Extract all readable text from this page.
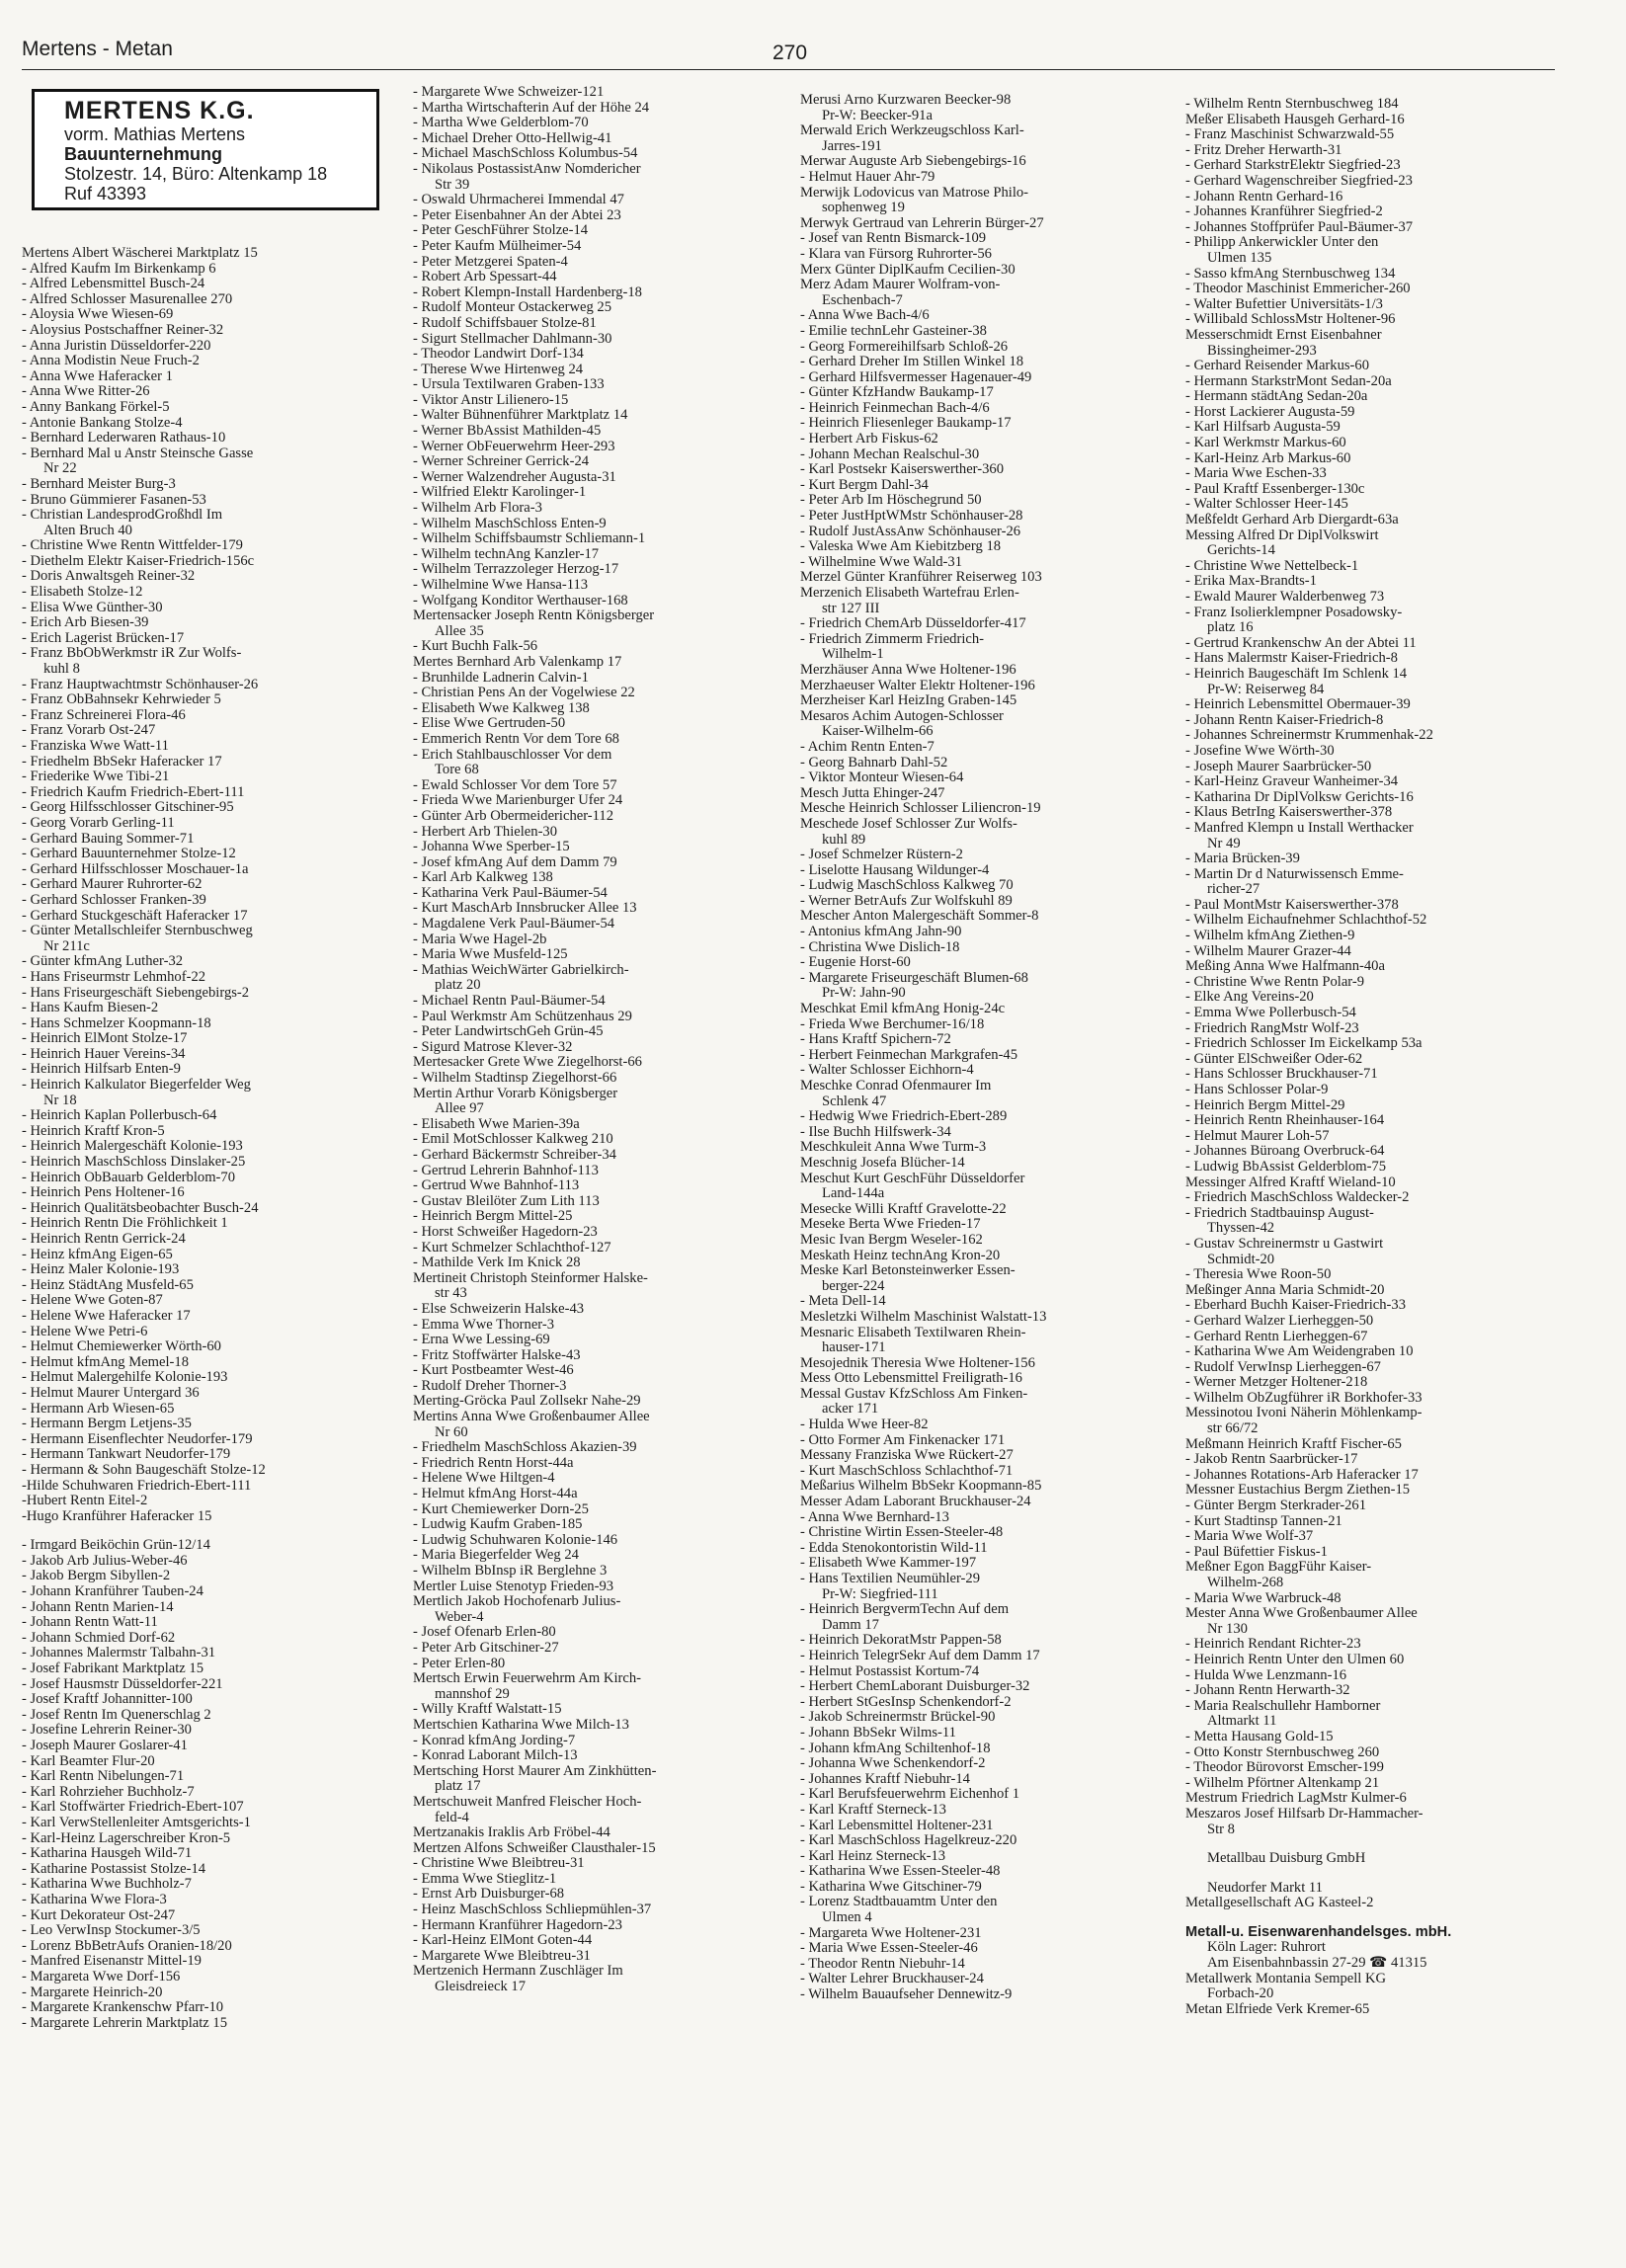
Mertens - Metan	270
MERTENS K.G.
vorm. Mathias Mertens
Bauunternehmung
Stolzestr. 14, Büro: Altenkamp 18
Ruf 43393
Mertens Albert Wäscherei Marktplatz 15
- Alfred Kaufm Im Birkenkamp 6
- Alfred Lebensmittel Busch-24
- Alfred Schlosser Masurenallee 270
- Aloysia Wwe Wiesen-69
- Aloysius Postschaffner Reiner-32
- Anna Juristin Düsseldorfer-220
- Anna Modistin Neue Fruch-2
- Anna Wwe Haferacker 1
- Anna Wwe Ritter-26
- Anny Bankang Förkel-5
- Antonie Bankang Stolze-4
- Bernhard Lederwaren Rathaus-10
- Bernhard Mal u Anstr Steinsche Gasse
Nr 22
- Bernhard Meister Burg-3
- Bruno Gümmierer Fasanen-53
- Christian LandesprodGroßhdl Im
Alten Bruch 40
- Christine Wwe Rentn Wittfelder-179
- Diethelm Elektr Kaiser-Friedrich-156c
- Doris Anwaltsgeh Reiner-32
- Elisabeth Stolze-12
- Elisa Wwe Günther-30
- Erich Arb Biesen-39
- Erich Lagerist Brücken-17
- Franz BbObWerkmstr iR Zur Wolfs-
kuhl 8
- Franz Hauptwachtmstr Schönhauser-26
- Franz ObBahnsekr Kehrwieder 5
- Franz Schreinerei Flora-46
- Franz Vorarb Ost-247
- Franziska Wwe Watt-11
- Friedhelm BbSekr Haferacker 17
- Friederike Wwe Tibi-21
- Friedrich Kaufm Friedrich-Ebert-111
- Georg Hilfsschlosser Gitschiner-95
- Georg Vorarb Gerling-11
- Gerhard Bauing Sommer-71
- Gerhard Bauunternehmer Stolze-12
- Gerhard Hilfsschlosser Moschauer-1a
- Gerhard Maurer Ruhrorter-62
- Gerhard Schlosser Franken-39
- Gerhard Stuckgeschäft Haferacker 17
- Günter Metallschleifer Sternbuschweg
Nr 211c
- Günter kfmAng Luther-32
- Hans Friseurmstr Lehmhof-22
- Hans Friseurgeschäft Siebengebirgs-2
- Hans Kaufm Biesen-2
- Hans Schmelzer Koopmann-18
- Heinrich ElMont Stolze-17
- Heinrich Hauer Vereins-34
- Heinrich Hilfsarb Enten-9
- Heinrich Kalkulator Biegerfelder Weg
Nr 18
- Heinrich Kaplan Pollerbusch-64
- Heinrich Kraftf Kron-5
- Heinrich Malergeschäft Kolonie-193
- Heinrich MaschSchloss Dinslaker-25
- Heinrich ObBauarb Gelderblom-70
- Heinrich Pens Holtener-16
- Heinrich Qualitätsbeobachter Busch-24
- Heinrich Rentn Die Fröhlichkeit 1
- Heinrich Rentn Gerrick-24
- Heinz kfmAng Eigen-65
- Heinz Maler Kolonie-193
- Heinz StädtAng Musfeld-65
- Helene Wwe Goten-87
- Helene Wwe Haferacker 17
- Helene Wwe Petri-6
- Helmut Chemiewerker Wörth-60
- Helmut kfmAng Memel-18
- Helmut Malergehilfe Kolonie-193
- Helmut Maurer Untergard 36
- Hermann Arb Wiesen-65
- Hermann Bergm Letjens-35
- Hermann Eisenflechter Neudorfer-179
- Hermann Tankwart Neudorfer-179
- Hermann & Sohn Baugeschäft Stolze-12
-Hilde Schuhwaren Friedrich-Ebert-111
-Hubert Rentn Eitel-2
-Hugo Kranführer Haferacker 15
- Irmgard Beiköchin Grün-12/14
- Jakob Arb Julius-Weber-46
- Jakob Bergm Sibyllen-2
- Johann Kranführer Tauben-24
- Johann Rentn Marien-14
- Johann Rentn Watt-11
- Johann Schmied Dorf-62
- Johannes Malermstr Talbahn-31
- Josef Fabrikant Marktplatz 15
- Josef Hausmstr Düsseldorfer-221
- Josef Kraftf Johannitter-100
- Josef Rentn Im Quenerschlag 2
- Josefine Lehrerin Reiner-30
- Joseph Maurer Goslarer-41
- Karl Beamter Flur-20
- Karl Rentn Nibelungen-71
- Karl Rohrzieher Buchholz-7
- Karl Stoffwärter Friedrich-Ebert-107
- Karl VerwStellenleiter Amtsgerichts-1
- Karl-Heinz Lagerschreiber Kron-5
- Katharina Hausgeh Wild-71
- Katharine Postassist Stolze-14
- Katharina Wwe Buchholz-7
- Katharina Wwe Flora-3
- Kurt Dekorateur Ost-247
- Leo VerwInsp Stockumer-3/5
- Lorenz BbBetrAufs Oranien-18/20
- Manfred Eisenanstr Mittel-19
- Margareta Wwe Dorf-156
- Margarete Heinrich-20
- Margarete Krankenschw Pfarr-10
- Margarete Lehrerin Marktplatz 15
- Margarete Wwe Schweizer-121
- Martha Wirtschafterin Auf der Höhe 24
- Martha Wwe Gelderblom-70
- Michael Dreher Otto-Hellwig-41
- Michael MaschSchloss Kolumbus-54
- Nikolaus PostassistAnw Nomdericher
Str 39
- Oswald Uhrmacherei Immendal 47
- Peter Eisenbahner An der Abtei 23
- Peter GeschFührer Stolze-14
- Peter Kaufm Mülheimer-54
- Peter Metzgerei Spaten-4
- Robert Arb Spessart-44
- Robert Klempn-Install Hardenberg-18
- Rudolf Monteur Ostackerweg 25
- Rudolf Schiffsbauer Stolze-81
- Sigurt Stellmacher Dahlmann-30
- Theodor Landwirt Dorf-134
- Therese Wwe Hirtenweg 24
- Ursula Textilwaren Graben-133
- Viktor Anstr Lilienero-15
- Walter Bühnenführer Marktplatz 14
- Werner BbAssist Mathilden-45
- Werner ObFeuerwehrm Heer-293
- Werner Schreiner Gerrick-24
- Werner Walzendreher Augusta-31
- Wilfried Elektr Karolinger-1
- Wilhelm Arb Flora-3
- Wilhelm MaschSchloss Enten-9
- Wilhelm Schiffsbaumstr Schliemann-1
- Wilhelm technAng Kanzler-17
- Wilhelm Terrazzoleger Herzog-17
- Wilhelmine Wwe Hansa-113
- Wolfgang Konditor Werthauser-168
Mertensacker Joseph Rentn Königsberger
Allee 35
- Kurt Buchh Falk-56
Mertes Bernhard Arb Valenkamp 17
- Brunhilde Ladnerin Calvin-1
- Christian Pens An der Vogelwiese 22
- Elisabeth Wwe Kalkweg 138
- Elise Wwe Gertruden-50
- Emmerich Rentn Vor dem Tore 68
- Erich Stahlbauschlosser Vor dem
Tore 68
- Ewald Schlosser Vor dem Tore 57
- Frieda Wwe Marienburger Ufer 24
- Günter Arb Obermeidericher-112
- Herbert Arb Thielen-30
- Johanna Wwe Sperber-15
- Josef kfmAng Auf dem Damm 79
- Karl Arb Kalkweg 138
- Katharina Verk Paul-Bäumer-54
- Kurt MaschArb Innsbrucker Allee 13
- Magdalene Verk Paul-Bäumer-54
- Maria Wwe Hagel-2b
- Maria Wwe Musfeld-125
- Mathias WeichWärter Gabrielkirch-
platz 20
- Michael Rentn Paul-Bäumer-54
- Paul Werkmstr Am Schützenhaus 29
- Peter LandwirtschGeh Grün-45
- Sigurd Matrose Klever-32
Mertesacker Grete Wwe Ziegelhorst-66
- Wilhelm Stadtinsp Ziegelhorst-66
Mertin Arthur Vorarb Königsberger
Allee 97
- Elisabeth Wwe Marien-39a
- Emil MotSchlosser Kalkweg 210
- Gerhard Bäckermstr Schreiber-34
- Gertrud Lehrerin Bahnhof-113
- Gertrud Wwe Bahnhof-113
- Gustav Bleilöter Zum Lith 113
- Heinrich Bergm Mittel-25
- Horst Schweißer Hagedorn-23
- Kurt Schmelzer Schlachthof-127
- Mathilde Verk Im Knick 28
Mertineit Christoph Steinformer Halske-
str 43
- Else Schweizerin Halske-43
- Emma Wwe Thorner-3
- Erna Wwe Lessing-69
- Fritz Stoffwärter Halske-43
- Kurt Postbeamter West-46
- Rudolf Dreher Thorner-3
Merting-Gröcka Paul Zollsekr Nahe-29
Mertins Anna Wwe Großenbaumer Allee
Nr 60
- Friedhelm MaschSchloss Akazien-39
- Friedrich Rentn Horst-44a
- Helene Wwe Hiltgen-4
- Helmut kfmAng Horst-44a
- Kurt Chemiewerker Dorn-25
- Ludwig Kaufm Graben-185
- Ludwig Schuhwaren Kolonie-146
- Maria Biegerfelder Weg 24
- Wilhelm BbInsp iR Berglehne 3
Mertler Luise Stenotyp Frieden-93
Mertlich Jakob Hochofenarb Julius-
Weber-4
- Josef Ofenarb Erlen-80
- Peter Arb Gitschiner-27
- Peter Erlen-80
Mertsch Erwin Feuerwehrm Am Kirch-
mannshof 29
- Willy Kraftf Walstatt-15
Mertschien Katharina Wwe Milch-13
- Konrad kfmAng Jording-7
- Konrad Laborant Milch-13
Mertsching Horst Maurer Am Zinkhütten-
platz 17
Mertschuweit Manfred Fleischer Hoch-
feld-4
Mertzanakis Iraklis Arb Fröbel-44
Mertzen Alfons Schweißer Clausthaler-15
- Christine Wwe Bleibtreu-31
- Emma Wwe Stieglitz-1
- Ernst Arb Duisburger-68
- Heinz MaschSchloss Schliepmühlen-37
- Hermann Kranführer Hagedorn-23
- Karl-Heinz ElMont Goten-44
- Margarete Wwe Bleibtreu-31
Mertzenich Hermann Zuschläger Im
Gleisdreieck 17
Merusi Arno Kurzwaren Beecker-98
Pr-W: Beecker-91a
Merwald Erich Werkzeugschloss Karl-
Jarres-191
Merwar Auguste Arb Siebengebirgs-16
- Helmut Hauer Ahr-79
Merwijk Lodovicus van Matrose Philo-
sophenweg 19
Merwyk Gertraud van Lehrerin Bürger-27
- Josef van Rentn Bismarck-109
- Klara van Fürsorg Ruhrorter-56
Merx Günter DiplKaufm Cecilien-30
Merz Adam Maurer Wolfram-von-
Eschenbach-7
- Anna Wwe Bach-4/6
- Emilie technLehr Gasteiner-38
- Georg Formereihilfsarb Schloß-26
- Gerhard Dreher Im Stillen Winkel 18
- Gerhard Hilfsvermesser Hagenauer-49
- Günter KfzHandw Baukamp-17
- Heinrich Feinmechan Bach-4/6
- Heinrich Fliesenleger Baukamp-17
- Herbert Arb Fiskus-62
- Johann Mechan Realschul-30
- Karl Postsekr Kaiserswerther-360
- Kurt Bergm Dahl-34
- Peter Arb Im Höschegrund 50
- Peter JustHptWMstr Schönhauser-28
- Rudolf JustAssAnw Schönhauser-26
- Valeska Wwe Am Kiebitzberg 18
- Wilhelmine Wwe Wald-31
Merzel Günter Kranführer Reiserweg 103
Merzenich Elisabeth Wartefrau Erlen-
str 127 III
- Friedrich ChemArb Düsseldorfer-417
- Friedrich Zimmerm Friedrich-
Wilhelm-1
Merzhäuser Anna Wwe Holtener-196
Merzhaeuser Walter Elektr Holtener-196
Merzheiser Karl HeizIng Graben-145
Mesaros Achim Autogen-Schlosser
Kaiser-Wilhelm-66
- Achim Rentn Enten-7
- Georg Bahnarb Dahl-52
- Viktor Monteur Wiesen-64
Mesch Jutta Ehinger-247
Mesche Heinrich Schlosser Liliencron-19
Meschede Josef Schlosser Zur Wolfs-
kuhl 89
- Josef Schmelzer Rüstern-2
- Liselotte Hausang Wildunger-4
- Ludwig MaschSchloss Kalkweg 70
- Werner BetrAufs Zur Wolfskuhl 89
Mescher Anton Malergeschäft Sommer-8
- Antonius kfmAng Jahn-90
- Christina Wwe Dislich-18
- Eugenie Horst-60
- Margarete Friseurgeschäft Blumen-68
Pr-W: Jahn-90
Meschkat Emil kfmAng Honig-24c
- Frieda Wwe Berchumer-16/18
- Hans Kraftf Spichern-72
- Herbert Feinmechan Markgrafen-45
- Walter Schlosser Eichhorn-4
Meschke Conrad Ofenmaurer Im
Schlenk 47
- Hedwig Wwe Friedrich-Ebert-289
- Ilse Buchh Hilfswerk-34
Meschkuleit Anna Wwe Turm-3
Meschnig Josefa Blücher-14
Meschut Kurt GeschFühr Düsseldorfer
Land-144a
Mesecke Willi Kraftf Gravelotte-22
Meseke Berta Wwe Frieden-17
Mesic Ivan Bergm Weseler-162
Meskath Heinz technAng Kron-20
Meske Karl Betonsteinwerker Essen-
berger-224
- Meta Dell-14
Mesletzki Wilhelm Maschinist Walstatt-13
Mesnaric Elisabeth Textilwaren Rhein-
hauser-171
Mesojednik Theresia Wwe Holtener-156
Mess Otto Lebensmittel Freiligrath-16
Messal Gustav KfzSchloss Am Finken-
acker 171
- Hulda Wwe Heer-82
- Otto Former Am Finkenacker 171
Messany Franziska Wwe Rückert-27
- Kurt MaschSchloss Schlachthof-71
Meßarius Wilhelm BbSekr Koopmann-85
Messer Adam Laborant Bruckhauser-24
- Anna Wwe Bernhard-13
- Christine Wirtin Essen-Steeler-48
- Edda Stenokontoristin Wild-11
- Elisabeth Wwe Kammer-197
- Hans Textilien Neumühler-29
Pr-W: Siegfried-111
- Heinrich BergvermTechn Auf dem
Damm 17
- Heinrich DekoratMstr Pappen-58
- Heinrich TelegrSekr Auf dem Damm 17
- Helmut Postassist Kortum-74
- Herbert ChemLaborant Duisburger-32
- Herbert StGesInsp Schenkendorf-2
- Jakob Schreinermstr Brückel-90
- Johann BbSekr Wilms-11
- Johann kfmAng Schiltenhof-18
- Johanna Wwe Schenkendorf-2
- Johannes Kraftf Niebuhr-14
- Karl Berufsfeuerwehrm Eichenhof 1
- Karl Kraftf Sterneck-13
- Karl Lebensmittel Holtener-231
- Karl MaschSchloss Hagelkreuz-220
- Karl Heinz Sterneck-13
- Katharina Wwe Essen-Steeler-48
- Katharina Wwe Gitschiner-79
- Lorenz Stadtbauamtm Unter den
Ulmen 4
- Margareta Wwe Holtener-231
- Maria Wwe Essen-Steeler-46
- Theodor Rentn Niebuhr-14
- Walter Lehrer Bruckhauser-24
- Wilhelm Bauaufseher Dennewitz-9
- Wilhelm Rentn Sternbuschweg 184
Meßer Elisabeth Hausgeh Gerhard-16
- Franz Maschinist Schwarzwald-55
- Fritz Dreher Herwarth-31
- Gerhard StarkstrElektr Siegfried-23
- Gerhard Wagenschreiber Siegfried-23
- Johann Rentn Gerhard-16
- Johannes Kranführer Siegfried-2
- Johannes Stoffprüfer Paul-Bäumer-37
- Philipp Ankerwickler Unter den
Ulmen 135
- Sasso kfmAng Sternbuschweg 134
- Theodor Maschinist Emmericher-260
- Walter Bufettier Universitäts-1/3
- Willibald SchlossMstr Holtener-96
Messerschmidt Ernst Eisenbahner
Bissingheimer-293
- Gerhard Reisender Markus-60
- Hermann StarkstrMont Sedan-20a
- Hermann städtAng Sedan-20a
- Horst Lackierer Augusta-59
- Karl Hilfsarb Augusta-59
- Karl Werkmstr Markus-60
- Karl-Heinz Arb Markus-60
- Maria Wwe Eschen-33
- Paul Kraftf Essenberger-130c
- Walter Schlosser Heer-145
Meßfeldt Gerhard Arb Diergardt-63a
Messing Alfred Dr DiplVolkswirt
Gerichts-14
- Christine Wwe Nettelbeck-1
- Erika Max-Brandts-1
- Ewald Maurer Walderbenweg 73
- Franz Isolierklempner Posadowsky-
platz 16
- Gertrud Krankenschw An der Abtei 11
- Hans Malermstr Kaiser-Friedrich-8
- Heinrich Baugeschäft Im Schlenk 14
Pr-W: Reiserweg 84
- Heinrich Lebensmittel Obermauer-39
- Johann Rentn Kaiser-Friedrich-8
- Johannes Schreinermstr Krummenhak-22
- Josefine Wwe Wörth-30
- Joseph Maurer Saarbrücker-50
- Karl-Heinz Graveur Wanheimer-34
- Katharina Dr DiplVolksw Gerichts-16
- Klaus BetrIng Kaiserswerther-378
- Manfred Klempn u Install Werthacker
Nr 49
- Maria Brücken-39
- Martin Dr d Naturwissensch Emme-
richer-27
- Paul MontMstr Kaiserswerther-378
- Wilhelm Eichaufnehmer Schlachthof-52
- Wilhelm kfmAng Ziethen-9
- Wilhelm Maurer Grazer-44
Meßing Anna Wwe Halfmann-40a
- Christine Wwe Rentn Polar-9
- Elke Ang Vereins-20
- Emma Wwe Pollerbusch-54
- Friedrich RangMstr Wolf-23
- Friedrich Schlosser Im Eickelkamp 53a
- Günter ElSchweißer Oder-62
- Hans Schlosser Bruckhauser-71
- Hans Schlosser Polar-9
- Heinrich Bergm Mittel-29
- Heinrich Rentn Rheinhauser-164
- Helmut Maurer Loh-57
- Johannes Büroang Overbruck-64
- Ludwig BbAssist Gelderblom-75
Messinger Alfred Kraftf Wieland-10
- Friedrich MaschSchloss Waldecker-2
- Friedrich Stadtbauinsp August-
Thyssen-42
- Gustav Schreinermstr u Gastwirt
Schmidt-20
- Theresia Wwe Roon-50
Meßinger Anna Maria Schmidt-20
- Eberhard Buchh Kaiser-Friedrich-33
- Gerhard Walzer Lierheggen-50
- Gerhard Rentn Lierheggen-67
- Katharina Wwe Am Weidengraben 10
- Rudolf VerwInsp Lierheggen-67
- Werner Metzger Holtener-218
- Wilhelm ObZugführer iR Borkhofer-33
Messinotou Ivoni Näherin Möhlenkamp-
str 66/72
Meßmann Heinrich Kraftf Fischer-65
- Jakob Rentn Saarbrücker-17
- Johannes Rotations-Arb Haferacker 17
Messner Eustachius Bergm Ziethen-15
- Günter Bergm Sterkrader-261
- Kurt Stadtinsp Tannen-21
- Maria Wwe Wolf-37
- Paul Büfettier Fiskus-1
Meßner Egon BaggFühr Kaiser-
Wilhelm-268
- Maria Wwe Warbruck-48
Mester Anna Wwe Großenbaumer Allee
Nr 130
- Heinrich Rendant Richter-23
- Heinrich Rentn Unter den Ulmen 60
- Hulda Wwe Lenzmann-16
- Johann Rentn Herwarth-32
- Maria Realschullehr Hamborner
Altmarkt 11
- Metta Hausang Gold-15
- Otto Konstr Sternbuschweg 260
- Theodor Bürovorst Emscher-199
- Wilhelm Pförtner Altenkamp 21
Mestrum Friedrich LagMstr Kulmer-6
Meszaros Josef Hilfsarb Dr-Hammacher-
Str 8
Metallbau Duisburg GmbH
Neudorfer Markt 11
Metallgesellschaft AG Kasteel-2
Metall-u. Eisenwarenhandelsges. mbH.
Köln Lager: Ruhrort
Am Eisenbahnbassin 27-29 ☎ 41315
Metallwerk Montania Sempell KG
Forbach-20
Metan Elfriede Verk Kremer-65
